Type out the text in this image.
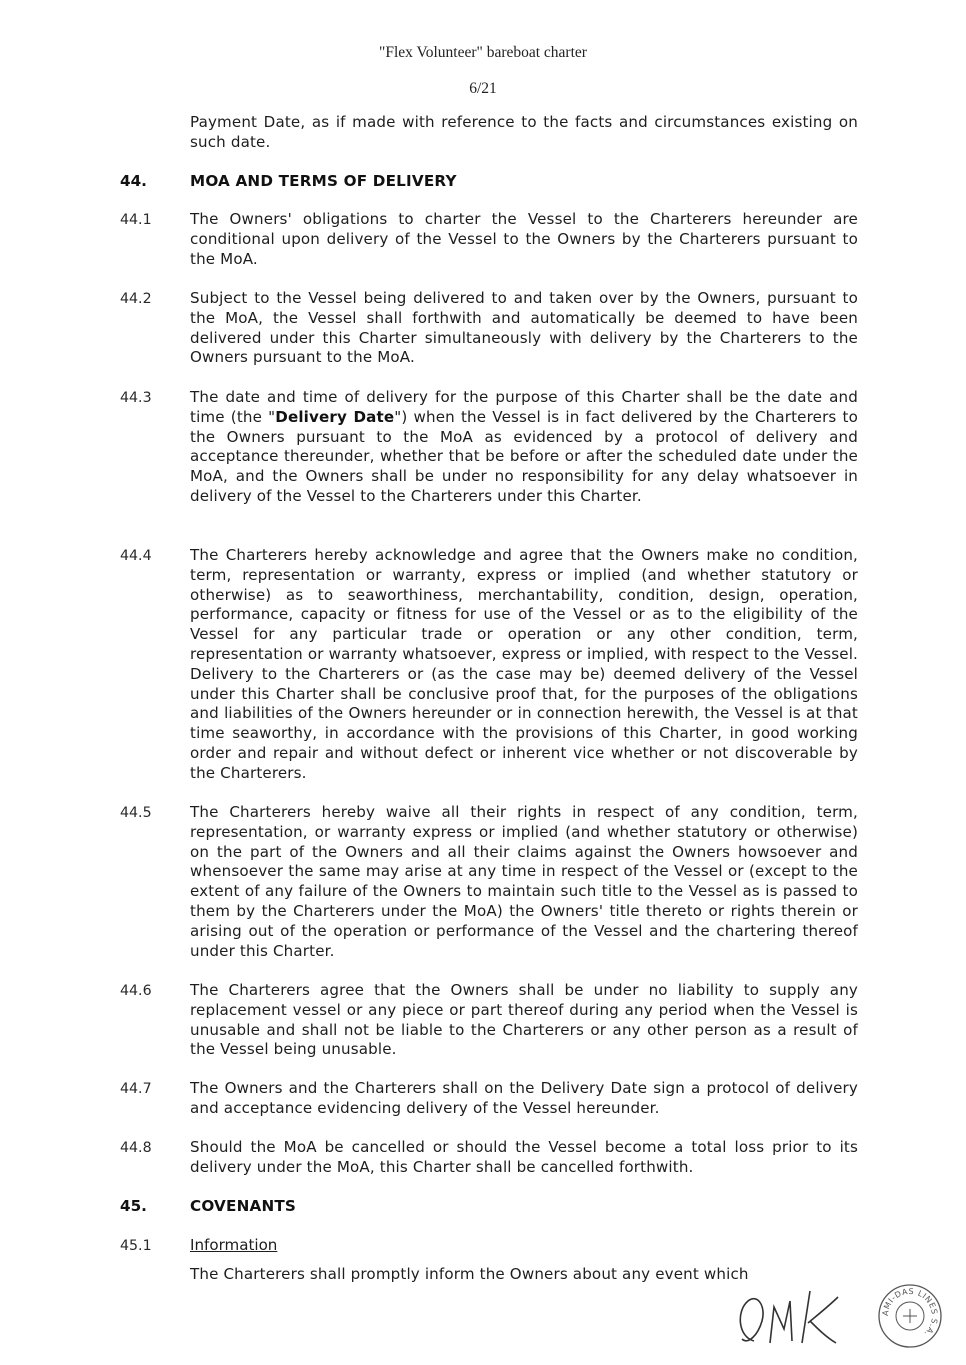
"Flex Volunteer" bareboat charter
6/21

Payment Date, as if made with reference to the facts and circumstances existing on such date.

44.	MOA AND TERMS OF DELIVERY
44.1	The Owners' obligations to charter the Vessel to the Charterers hereunder are conditional upon delivery of the Vessel to the Owners by the Charterers pursuant to the MoA.

44.2	Subject to the Vessel being delivered to and taken over by the Owners, pursuant to the MoA, the Vessel shall forthwith and automatically be deemed to have been delivered under this Charter simultaneously with delivery by the Charterers to the Owners pursuant to the MoA.

44.3	The date and time of delivery for the purpose of this Charter shall be the date and time (the "Delivery Date") when the Vessel is in fact delivered by the Charterers to the Owners pursuant to the MoA as evidenced by a protocol of delivery and acceptance thereunder, whether that be before or after the scheduled date under the MoA, and the Owners shall be under no responsibility for any delay whatsoever in delivery of the Vessel to the Charterers under this Charter.

44.4	The Charterers hereby acknowledge and agree that the Owners make no condition, term, representation or warranty, express or implied (and whether statutory or otherwise) as to seaworthiness, merchantability, condition, design, operation, performance, capacity or fitness for use of the Vessel or as to the eligibility of the Vessel for any particular trade or operation or any other condition, term, representation or warranty whatsoever, express or implied, with respect to the Vessel. Delivery to the Charterers or (as the case may be) deemed delivery of the Vessel under this Charter shall be conclusive proof that, for the purposes of the obligations and liabilities of the Owners hereunder or in connection herewith, the Vessel is at that time seaworthy, in accordance with the provisions of this Charter, in good working order and repair and without defect or inherent vice whether or not discoverable by the Charterers.

44.5	The Charterers hereby waive all their rights in respect of any condition, term, representation, or warranty express or implied (and whether statutory or otherwise) on the part of the Owners and all their claims against the Owners howsoever and whensoever the same may arise at any time in respect of the Vessel or (except to the extent of any failure of the Owners to maintain such title to the Vessel as is passed to them by the Charterers under the MoA) the Owners' title thereto or rights therein or arising out of the operation or performance of the Vessel and the chartering thereof under this Charter.

44.6	The Charterers agree that the Owners shall be under no liability to supply any replacement vessel or any piece or part thereof during any period when the Vessel is unusable and shall not be liable to the Charterers or any other person as a result of the Vessel being unusable.

44.7	The Owners and the Charterers shall on the Delivery Date sign a protocol of delivery and acceptance evidencing delivery of the Vessel hereunder.

44.8	Should the MoA be cancelled or should the Vessel become a total loss prior to its delivery under the MoA, this Charter shall be cancelled forthwith.

45.	COVENANTS
45.1	Information

The Charterers shall promptly inform the Owners about any event which

AMI-DAS LINES S.A.
